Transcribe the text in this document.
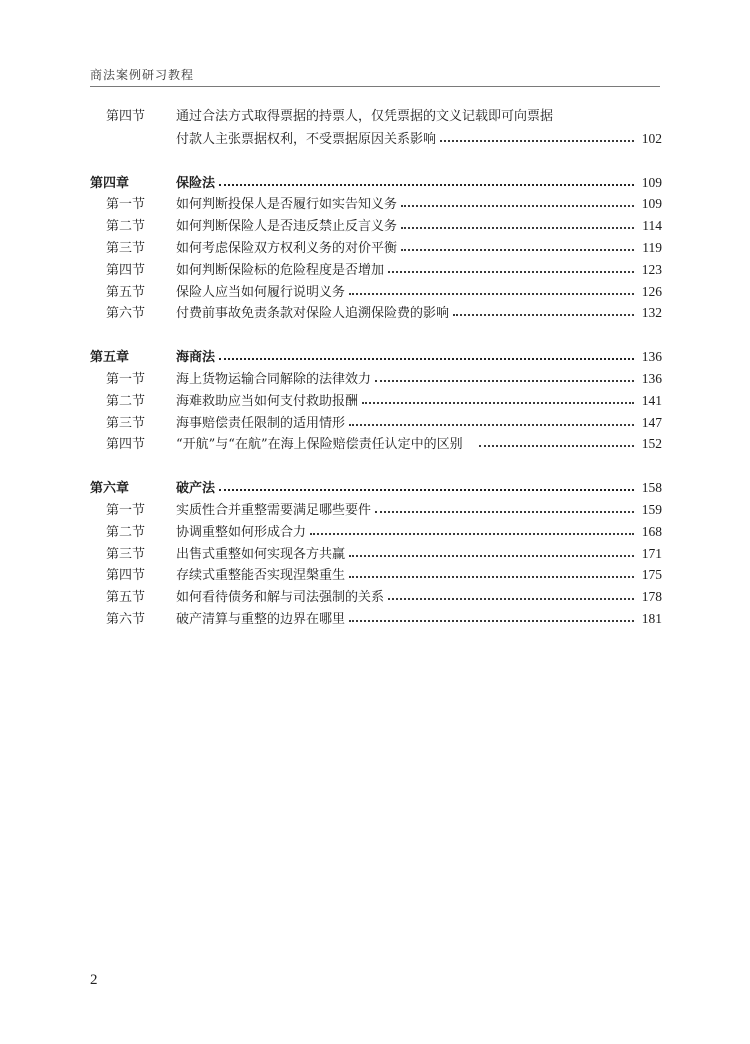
商法案例研习教程
第四节	通过合法方式取得票据的持票人，仅凭票据的文义记载即可向票据
付款人主张票据权利，不受票据原因关系影响	102
第四章	保险法	109
第一节	如何判断投保人是否履行如实告知义务	109
第二节	如何判断保险人是否违反禁止反言义务	114
第三节	如何考虑保险双方权利义务的对价平衡	119
第四节	如何判断保险标的危险程度是否增加	123
第五节	保险人应当如何履行说明义务	126
第六节	付费前事故免责条款对保险人追溯保险费的影响	132
第五章	海商法	136
第一节	海上货物运输合同解除的法律效力	136
第二节	海难救助应当如何支付救助报酬	141
第三节	海事赔偿责任限制的适用情形	147
第四节	“开航”与“在航”在海上保险赔偿责任认定中的区别	152
第六章	破产法	158
第一节	实质性合并重整需要满足哪些要件	159
第二节	协调重整如何形成合力	168
第三节	出售式重整如何实现各方共赢	171
第四节	存续式重整能否实现涅槃重生	175
第五节	如何看待债务和解与司法强制的关系	178
第六节	破产清算与重整的边界在哪里	181
2
